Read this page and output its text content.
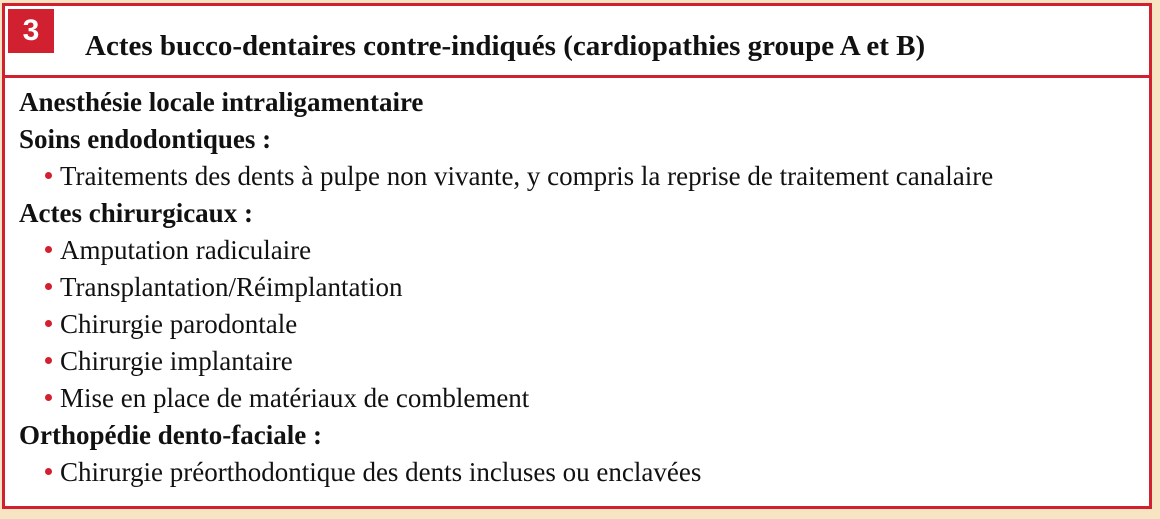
3	Actes bucco-dentaires contre-indiqués (cardiopathies groupe A et B)
Anesthésie locale intraligamentaire
Soins endodontiques :
Traitements des dents à pulpe non vivante, y compris la reprise de traitement canalaire
Actes chirurgicaux :
Amputation radiculaire
Transplantation/Réimplantation
Chirurgie parodontale
Chirurgie implantaire
Mise en place de matériaux de comblement
Orthopédie dento-faciale :
Chirurgie préorthodontique des dents incluses ou enclavées
